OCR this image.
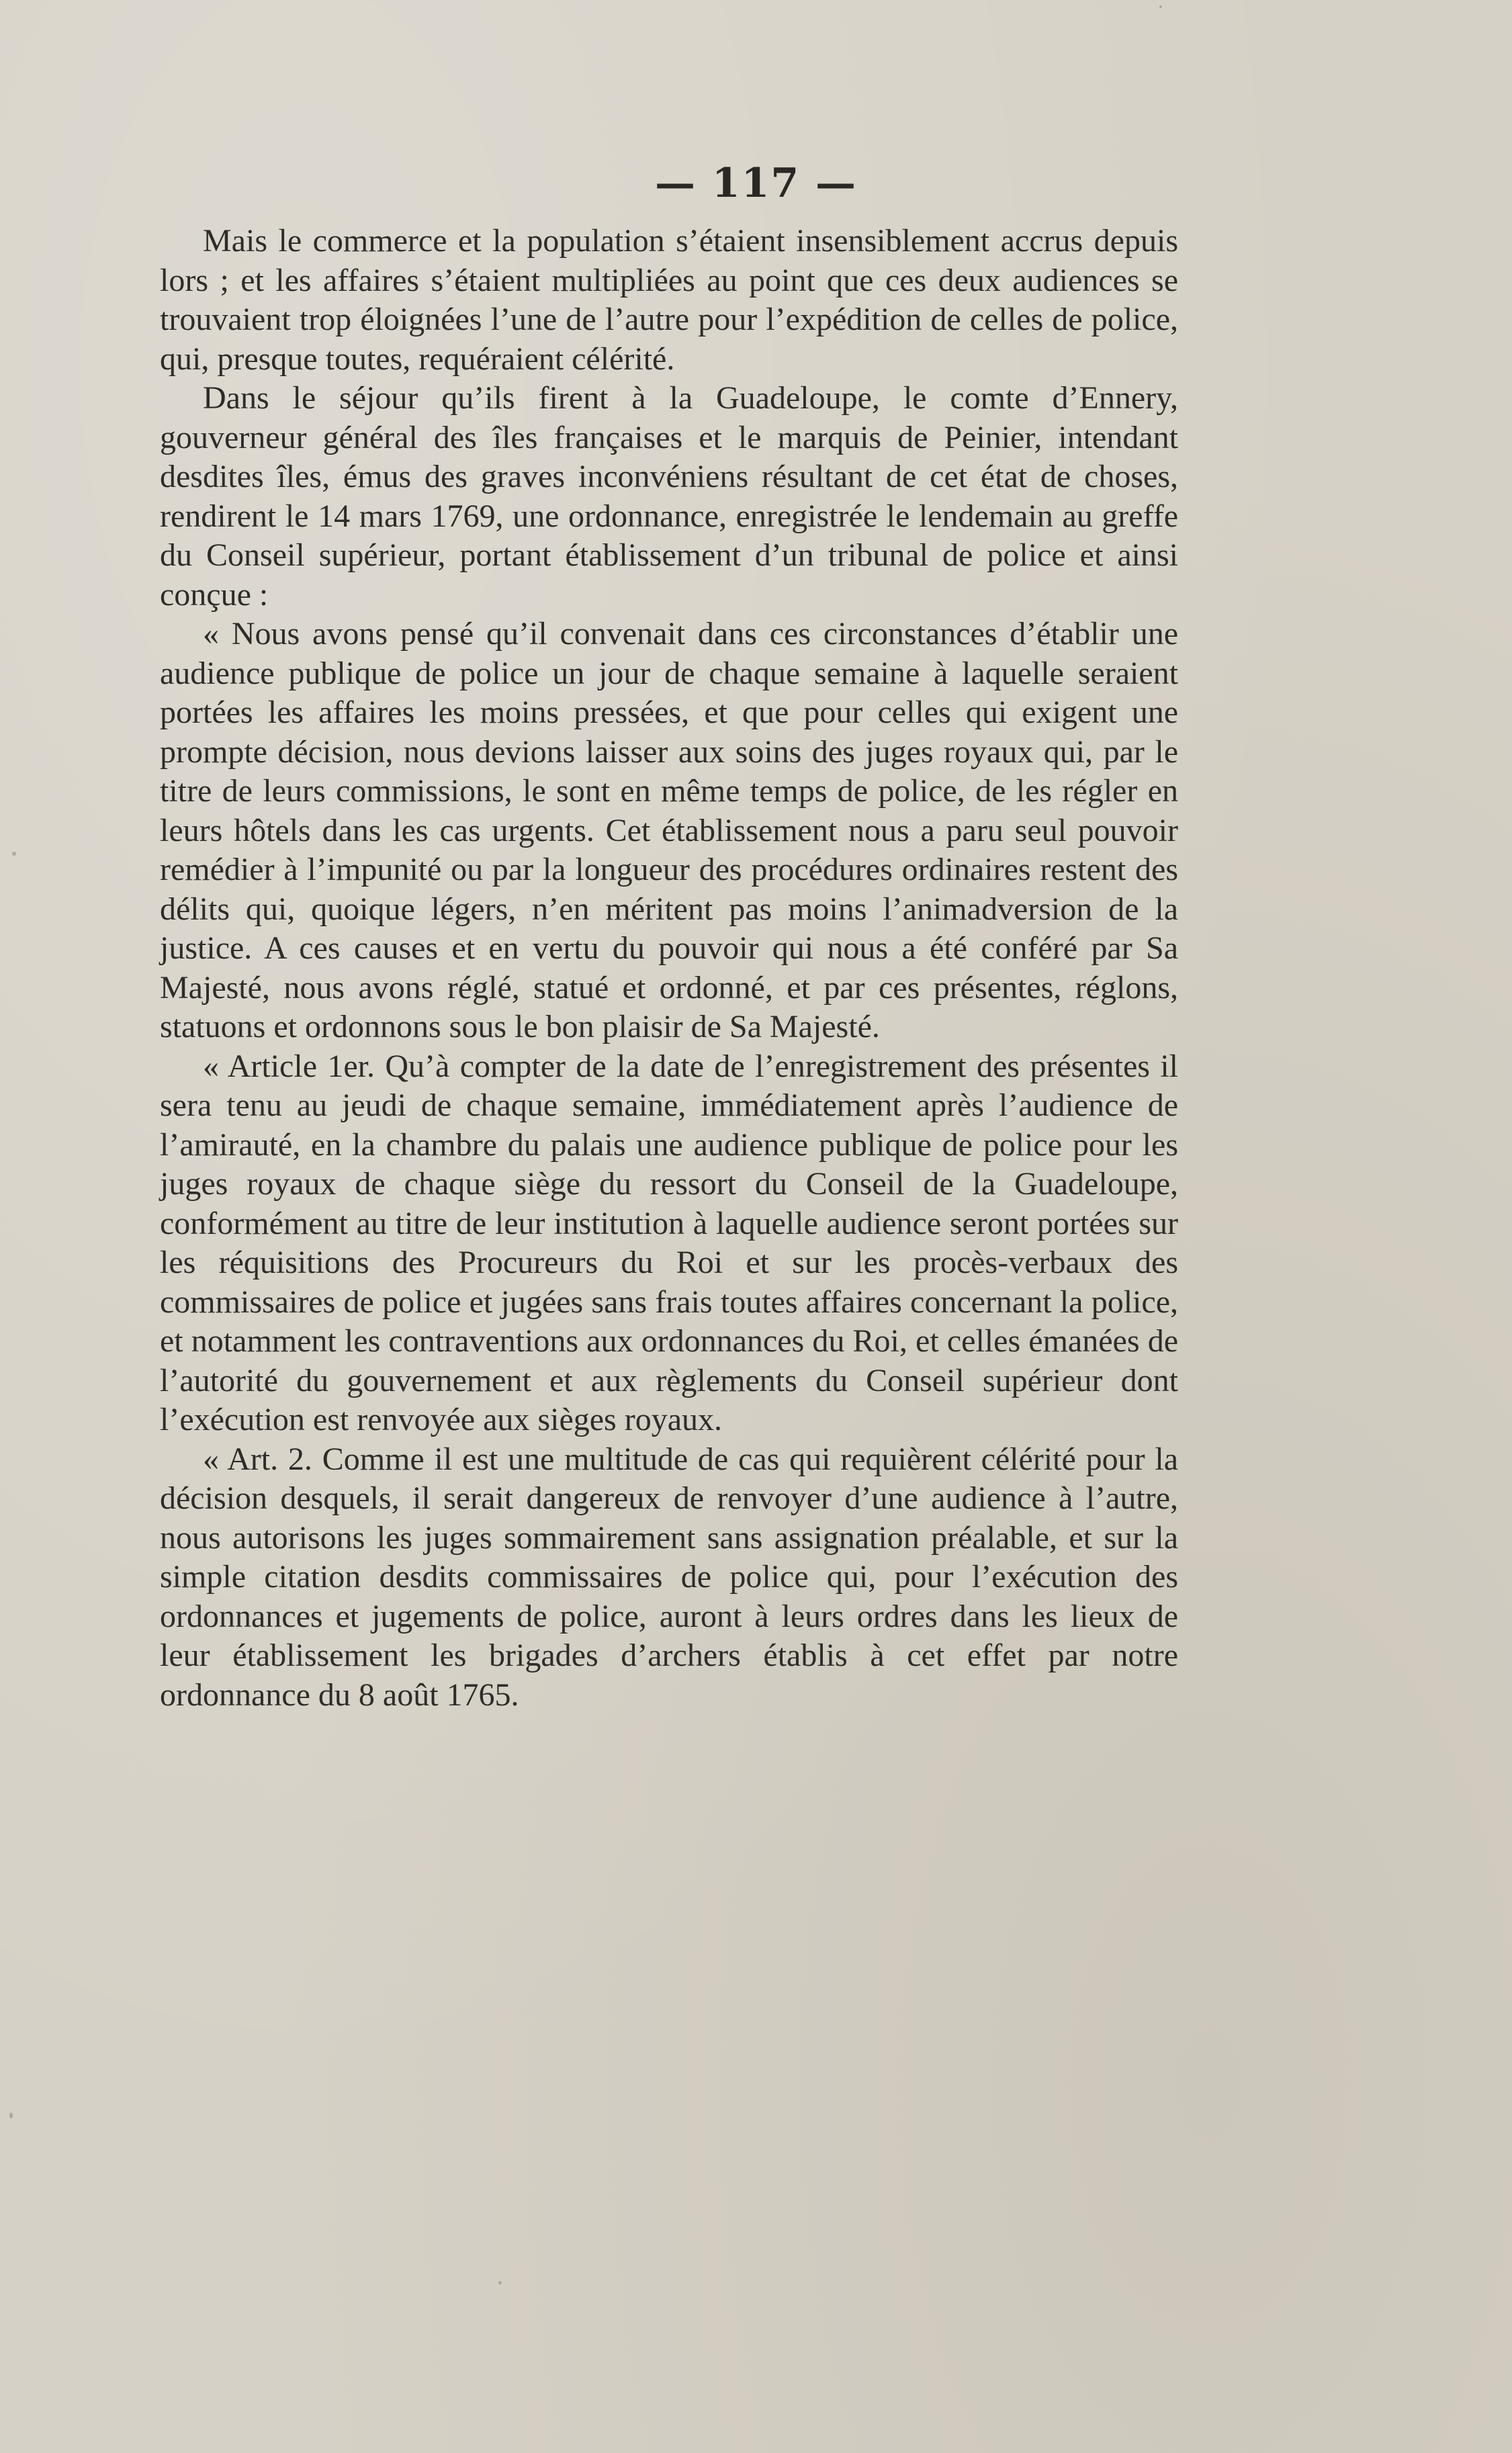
— 117 —

Mais le commerce et la population s’étaient insensiblement accrus depuis lors ; et les affaires s’étaient multipliées au point que ces deux audiences se trouvaient trop éloignées l’une de l’autre pour l’expédition de celles de police, qui, presque toutes, requéraient célérité.

Dans le séjour qu’ils firent à la Guadeloupe, le comte d’Ennery, gouverneur général des îles françaises et le marquis de Peinier, intendant desdites îles, émus des graves inconvéniens résultant de cet état de choses, rendirent le 14 mars 1769, une ordonnance, enregistrée le lendemain au greffe du Conseil supérieur, portant établissement d’un tribunal de police et ainsi conçue :

« Nous avons pensé qu’il convenait dans ces circonstances d’établir une audience publique de police un jour de chaque semaine à laquelle seraient portées les affaires les moins pressées, et que pour celles qui exigent une prompte décision, nous devions laisser aux soins des juges royaux qui, par le titre de leurs commissions, le sont en même temps de police, de les régler en leurs hôtels dans les cas urgents. Cet établissement nous a paru seul pouvoir remédier à l’impunité ou par la longueur des procédures ordinaires restent des délits qui, quoique légers, n’en méritent pas moins l’animadversion de la justice. A ces causes et en vertu du pouvoir qui nous a été conféré par Sa Majesté, nous avons réglé, statué et ordonné, et par ces présentes, réglons, statuons et ordonnons sous le bon plaisir de Sa Majesté.

« Article 1er. Qu’à compter de la date de l’enregistrement des présentes il sera tenu au jeudi de chaque semaine, immédiatement après l’audience de l’amirauté, en la chambre du palais une audience publique de police pour les juges royaux de chaque siège du ressort du Conseil de la Guadeloupe, conformément au titre de leur institution à laquelle audience seront portées sur les réquisitions des Procureurs du Roi et sur les procès-verbaux des commissaires de police et jugées sans frais toutes affaires concernant la police, et notamment les contraventions aux ordonnances du Roi, et celles émanées de l’autorité du gouvernement et aux règlements du Conseil supérieur dont l’exécution est renvoyée aux sièges royaux.

« Art. 2. Comme il est une multitude de cas qui requièrent célérité pour la décision desquels, il serait dangereux de renvoyer d’une audience à l’autre, nous autorisons les juges sommairement sans assignation préalable, et sur la simple citation desdits commissaires de police qui, pour l’exécution des ordonnances et jugements de police, auront à leurs ordres dans les lieux de leur établissement les brigades d’archers établis à cet effet par notre ordonnance du 8 août 1765.
